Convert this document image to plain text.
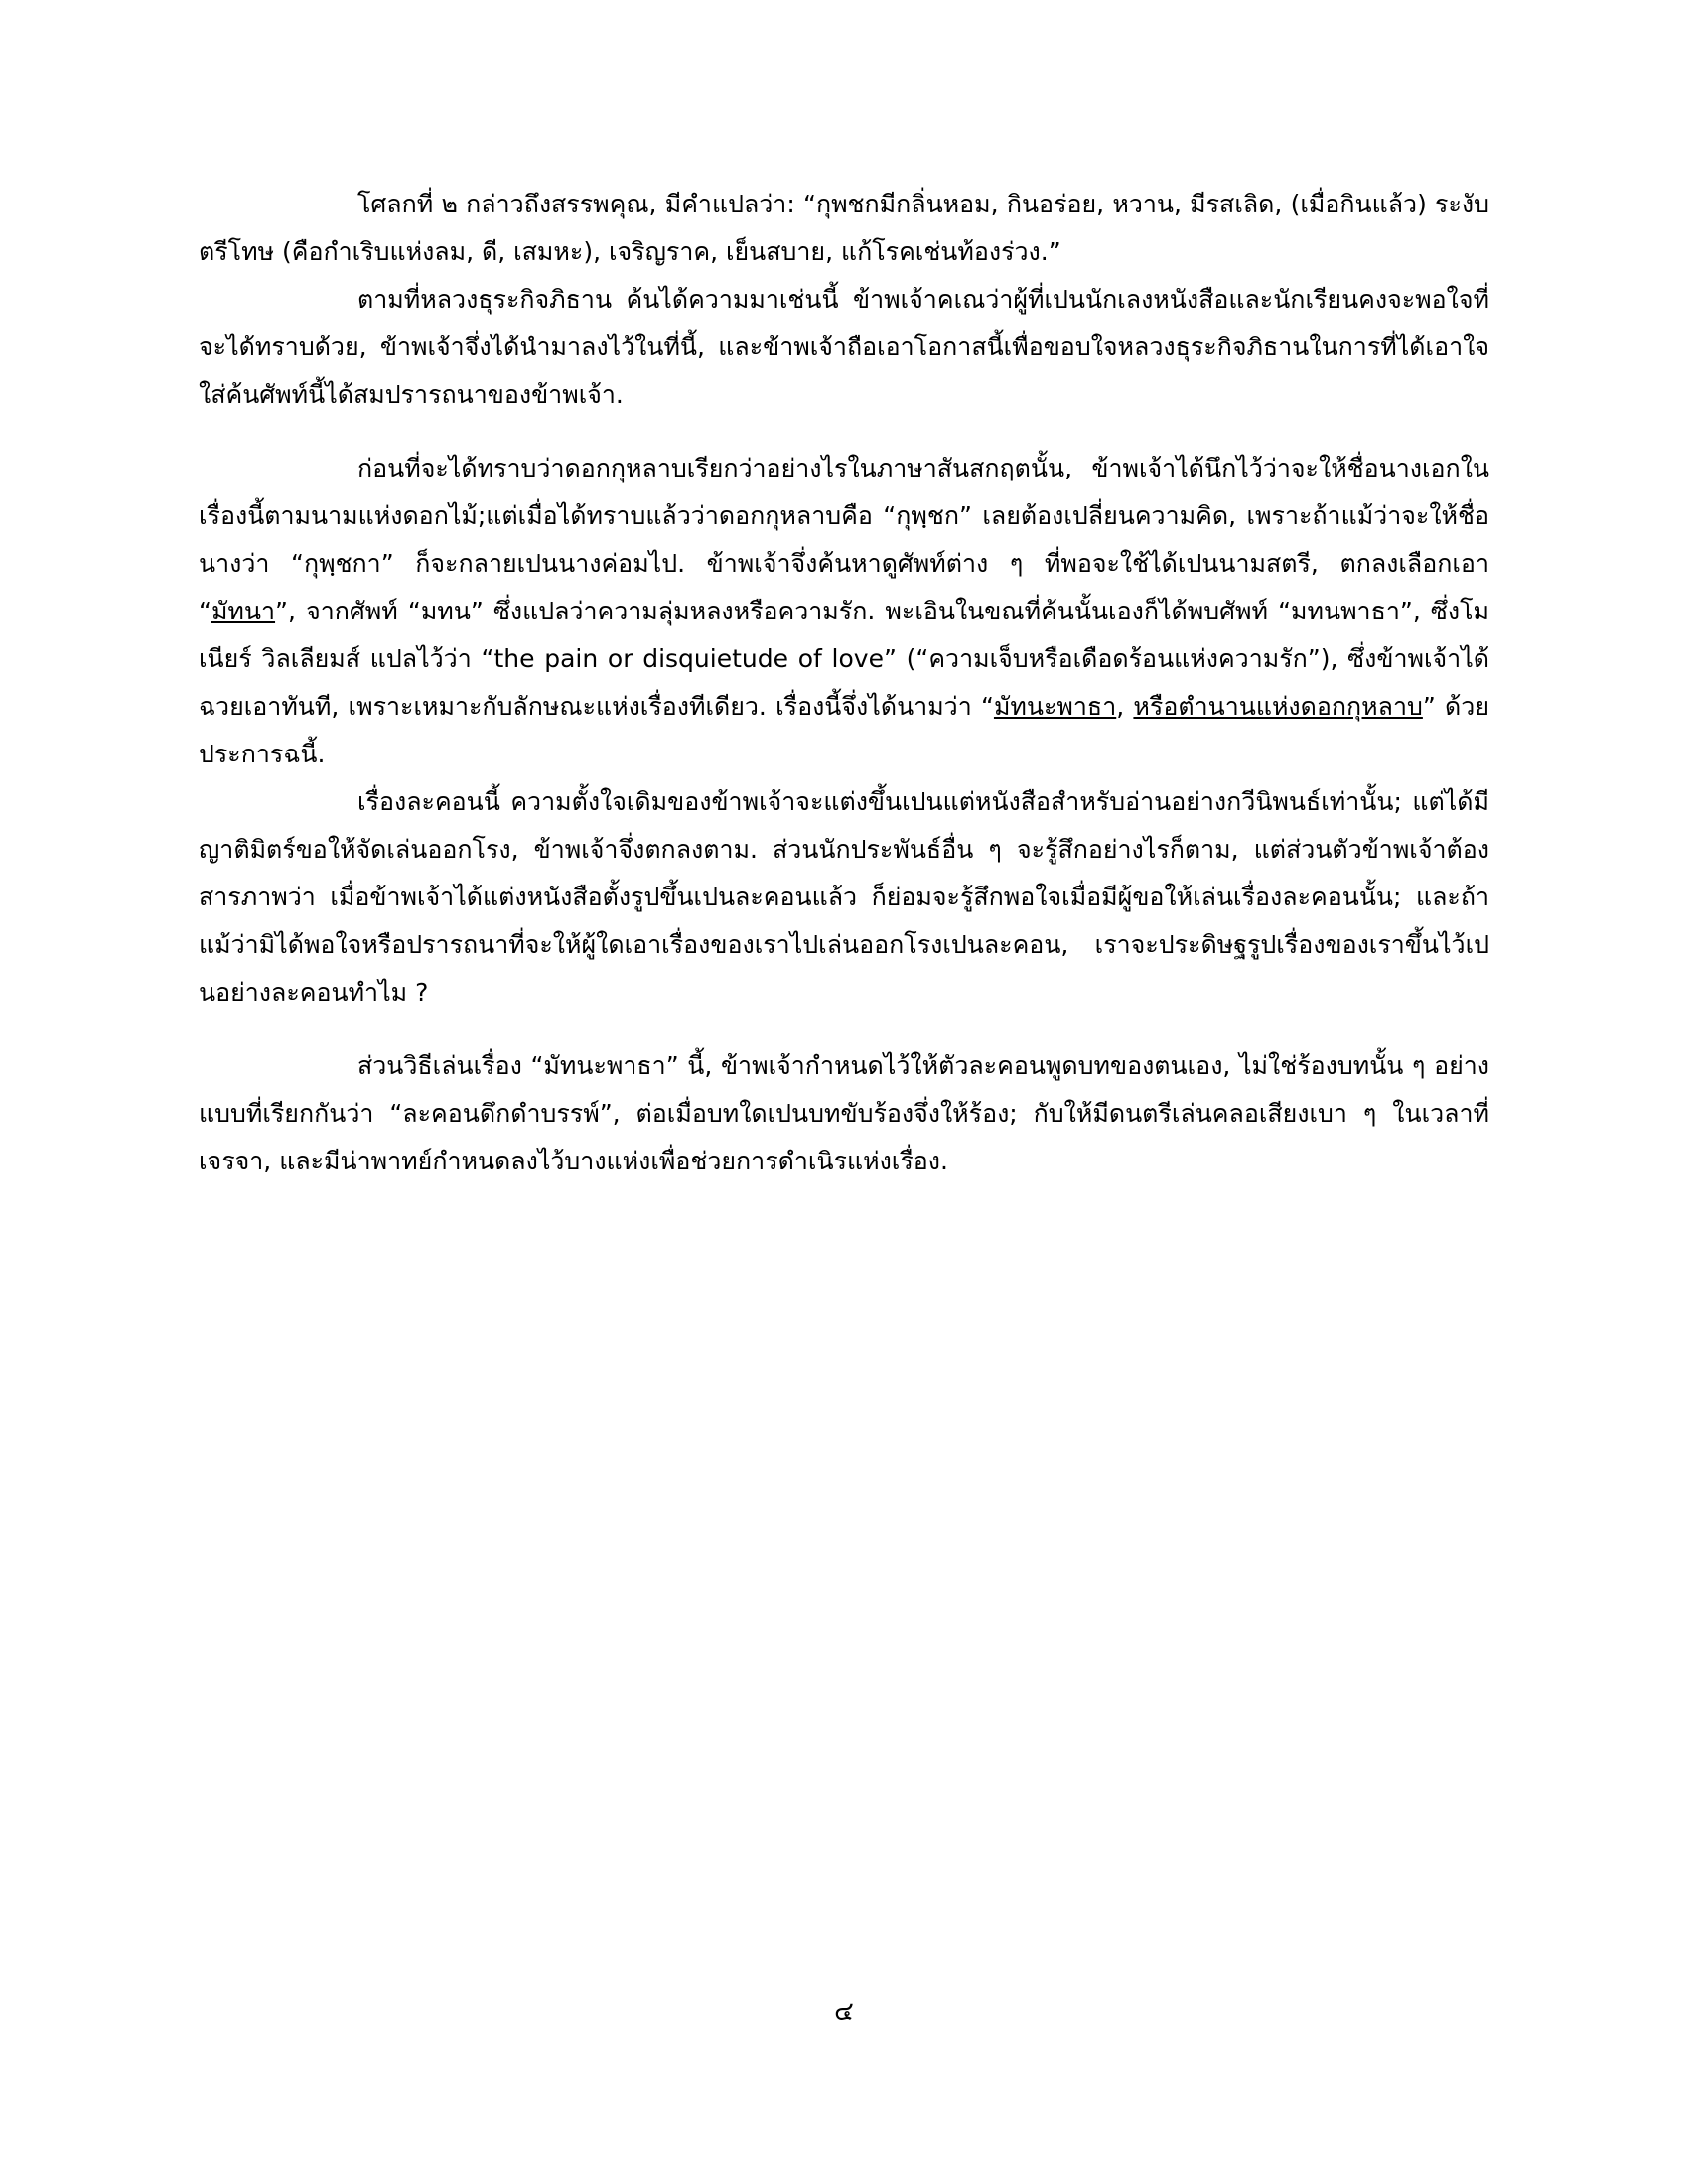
โศลกที่ ๒ กล่าวถึงสรรพคุณ, มีคำแปลว่า: “กุพชกมีกลิ่นหอม, กินอร่อย, หวาน, มีรสเลิด, (เมื่อกินแล้ว) ระงับตรีโทษ (คือกำเริบแห่งลม, ดี, เสมหะ), เจริญราค, เย็นสบาย, แก้โรคเช่นท้องร่วง.”

ตามที่หลวงธุระกิจภิธาน ค้นได้ความมาเช่นนี้ ข้าพเจ้าคเณว่าผู้ที่เปนนักเลงหนังสือและนักเรียนคงจะพอใจที่จะได้ทราบด้วย, ข้าพเจ้าจึ่งได้นำมาลงไว้ในที่นี้, และข้าพเจ้าถือเอาโอกาสนี้เพื่อขอบใจหลวงธุระกิจภิธานในการที่ได้เอาใจใส่ค้นศัพท์นี้ได้สมปรารถนาของข้าพเจ้า.

ก่อนที่จะได้ทราบว่าดอกกุหลาบเรียกว่าอย่างไรในภาษาสันสกฤตนั้น, ข้าพเจ้าได้นึกไว้ว่าจะให้ชื่อนางเอกในเรื่องนี้ตามนามแห่งดอกไม้;แต่เมื่อได้ทราบแล้วว่าดอกกุหลาบคือ “กุพฺชก” เลยต้องเปลี่ยนความคิด, เพราะถ้าแม้ว่าจะให้ชื่อนางว่า “กุพฺชกา” ก็จะกลายเปนนางค่อมไป. ข้าพเจ้าจึ่งค้นหาดูศัพท์ต่าง ๆ ที่พอจะใช้ได้เปนนามสตรี, ตกลงเลือกเอา “มัทนา”, จากศัพท์ “มทน” ซึ่งแปลว่าความลุ่มหลงหรือความรัก. พะเอินในขณที่ค้นนั้นเองก็ได้พบศัพท์ “มทนพาธา”, ซึ่งโมเนียร์ วิลเลียมส์ แปลไว้ว่า “the pain or disquietude of love” (“ความเจ็บหรือเดือดร้อนแห่งความรัก”), ซึ่งข้าพเจ้าได้ฉวยเอาทันที, เพราะเหมาะกับลักษณะแห่งเรื่องทีเดียว. เรื่องนี้จึ่งได้นามว่า “มัทนะพาธา, หรือตำนานแห่งดอกกุหลาบ” ด้วยประการฉนี้.

เรื่องละคอนนี้ ความตั้งใจเดิมของข้าพเจ้าจะแต่งขึ้นเปนแต่หนังสือสำหรับอ่านอย่างกวีนิพนธ์เท่านั้น; แต่ได้มีญาติมิตร์ขอให้จัดเล่นออกโรง, ข้าพเจ้าจึ่งตกลงตาม. ส่วนนักประพันธ์อื่น ๆ จะรู้สึกอย่างไรก็ตาม, แต่ส่วนตัวข้าพเจ้าต้องสารภาพว่า เมื่อข้าพเจ้าได้แต่งหนังสือตั้งรูปขึ้นเปนละคอนแล้ว ก็ย่อมจะรู้สึกพอใจเมื่อมีผู้ขอให้เล่นเรื่องละคอนนั้น; และถ้าแม้ว่ามิได้พอใจหรือปรารถนาที่จะให้ผู้ใดเอาเรื่องของเราไปเล่นออกโรงเปนละคอน, เราจะประดิษฐรูปเรื่องของเราขึ้นไว้เปนอย่างละคอนทำไม ?

ส่วนวิธีเล่นเรื่อง “มัทนะพาธา” นี้, ข้าพเจ้ากำหนดไว้ให้ตัวละคอนพูดบทของตนเอง, ไม่ใช่ร้องบทนั้น ๆ อย่างแบบที่เรียกกันว่า “ละคอนดึกดำบรรพ์”, ต่อเมื่อบทใดเปนบทขับร้องจึ่งให้ร้อง; กับให้มีดนตรีเล่นคลอเสียงเบา ๆ ในเวลาที่เจรจา, และมีน่าพาทย์กำหนดลงไว้บางแห่งเพื่อช่วยการดำเนิรแห่งเรื่อง.

๔
